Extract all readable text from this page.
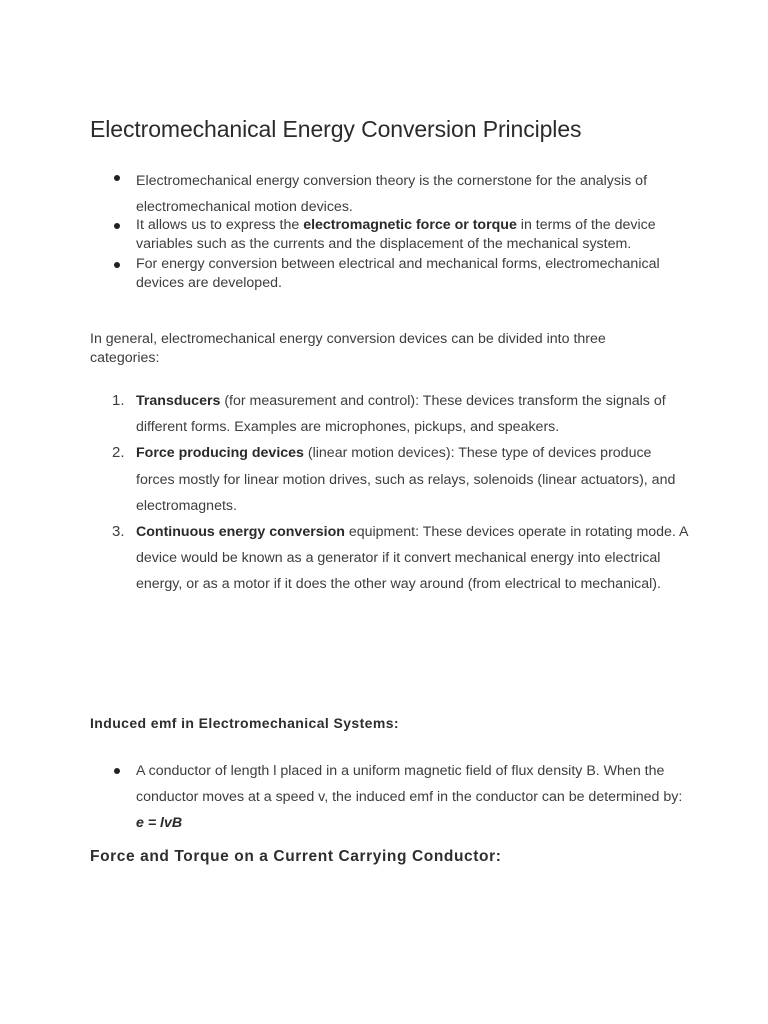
Electromechanical Energy Conversion Principles
Electromechanical energy conversion theory is the cornerstone for the analysis of electromechanical motion devices.
It allows us to express the electromagnetic force or torque in terms of the device variables such as the currents and the displacement of the mechanical system.
For energy conversion between electrical and mechanical forms, electromechanical devices are developed.

In general, electromechanical energy conversion devices can be divided into three categories:

1. Transducers (for measurement and control): These devices transform the signals of different forms. Examples are microphones, pickups, and speakers.
2. Force producing devices (linear motion devices): These type of devices produce forces mostly for linear motion drives, such as relays, solenoids (linear actuators), and electromagnets.
3. Continuous energy conversion equipment: These devices operate in rotating mode. A device would be known as a generator if it convert mechanical energy into electrical energy, or as a motor if it does the other way around (from electrical to mechanical).
Induced emf in Electromechanical Systems:
A conductor of length l placed in a uniform magnetic field of flux density B. When the conductor moves at a speed v, the induced emf in the conductor can be determined by: e = lvB
Force and Torque on a Current Carrying Conductor:
